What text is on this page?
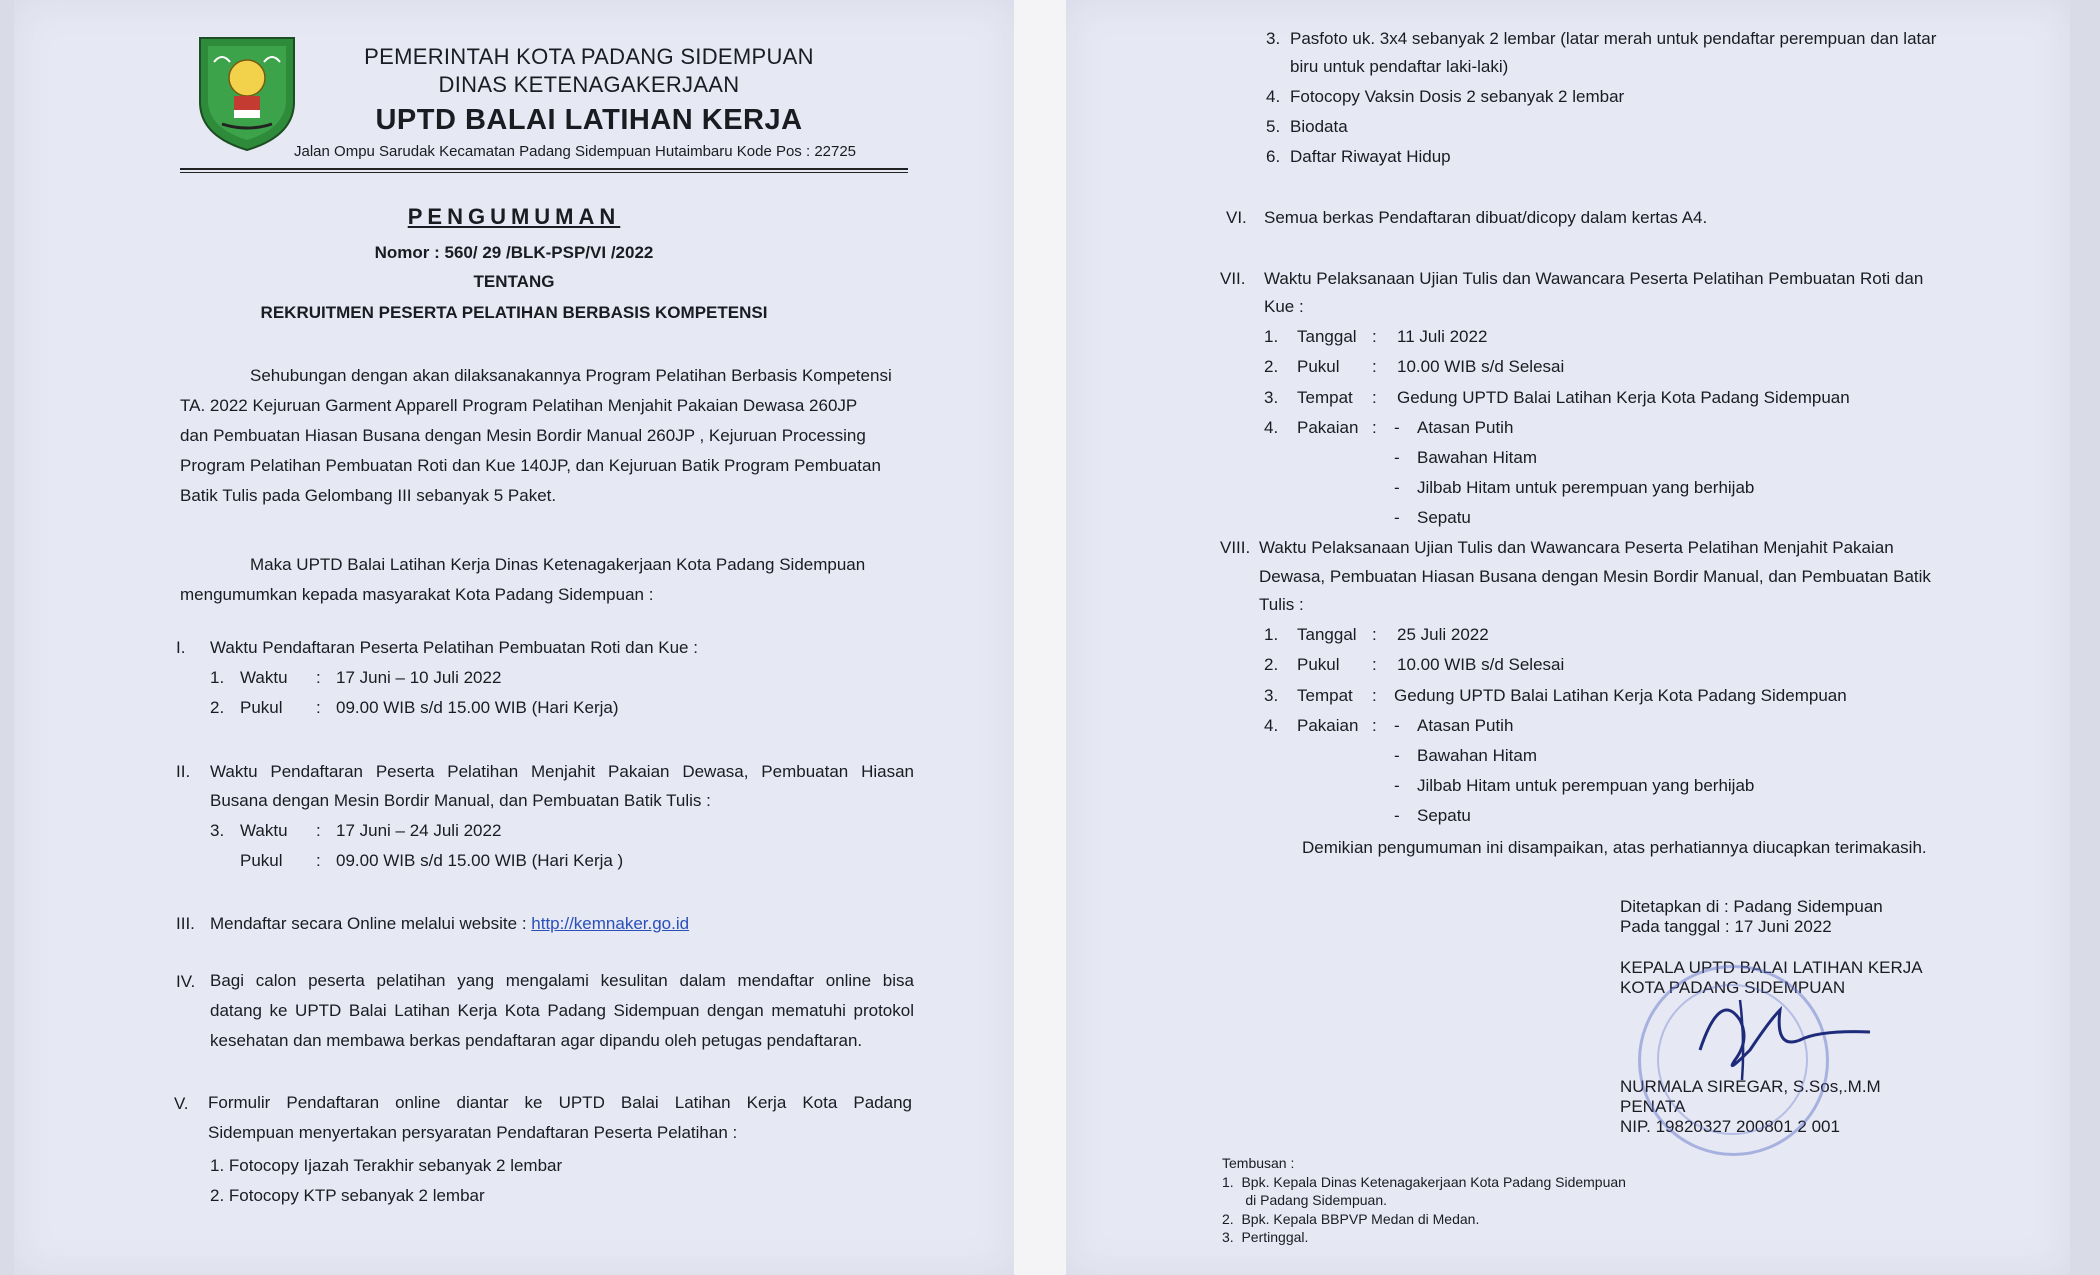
PEMERINTAH KOTA PADANG SIDEMPUAN
DINAS KETENAGAKERJAAN
UPTD BALAI LATIHAN KERJA
Jalan Ompu Sarudak Kecamatan Padang Sidempuan Hutaimbaru Kode Pos : 22725
PENGUMUMAN
Nomor : 560/ 29 /BLK-PSP/VI /2022
TENTANG
REKRUITMEN PESERTA PELATIHAN BERBASIS KOMPETENSI
Sehubungan dengan akan dilaksanakannya Program Pelatihan Berbasis Kompetensi
TA. 2022 Kejuruan Garment Apparell Program Pelatihan Menjahit Pakaian Dewasa 260JP
dan Pembuatan Hiasan Busana dengan Mesin Bordir Manual 260JP , Kejuruan Processing
Program Pelatihan Pembuatan Roti dan Kue 140JP, dan Kejuruan Batik Program Pembuatan
Batik Tulis pada Gelombang III sebanyak 5 Paket.
Maka UPTD Balai Latihan Kerja Dinas Ketenagakerjaan Kota Padang Sidempuan
mengumumkan kepada masyarakat Kota Padang Sidempuan :
I. Waktu Pendaftaran Peserta Pelatihan Pembuatan Roti dan Kue :
1. Waktu : 17 Juni – 10 Juli 2022
2. Pukul : 09.00 WIB s/d 15.00 WIB (Hari Kerja)
II. Waktu Pendaftaran Peserta Pelatihan Menjahit Pakaian Dewasa, Pembuatan Hiasan
Busana dengan Mesin Bordir Manual, dan Pembuatan Batik Tulis :
3. Waktu : 17 Juni – 24 Juli 2022
Pukul : 09.00 WIB s/d 15.00 WIB (Hari Kerja )
III. Mendaftar secara Online melalui website : http://kemnaker.go.id
IV. Bagi calon peserta pelatihan yang mengalami kesulitan dalam mendaftar online bisa
datang ke UPTD Balai Latihan Kerja Kota Padang Sidempuan dengan mematuhi protokol
kesehatan dan membawa berkas pendaftaran agar dipandu oleh petugas pendaftaran.
V. Formulir Pendaftaran online diantar ke UPTD Balai Latihan Kerja Kota Padang
Sidempuan menyertakan persyaratan Pendaftaran Peserta Pelatihan :
1. Fotocopy Ijazah Terakhir sebanyak 2 lembar
2. Fotocopy KTP sebanyak 2 lembar
3. Pasfoto uk. 3x4 sebanyak 2 lembar (latar merah untuk pendaftar perempuan dan latar
biru untuk pendaftar laki-laki)
4. Fotocopy Vaksin Dosis 2 sebanyak 2 lembar
5. Biodata
6. Daftar Riwayat Hidup
VI. Semua berkas Pendaftaran dibuat/dicopy dalam kertas A4.
VII. Waktu Pelaksanaan Ujian Tulis dan Wawancara Peserta Pelatihan Pembuatan Roti dan
Kue :
1. Tanggal : 11 Juli 2022
2. Pukul : 10.00 WIB s/d Selesai
3. Tempat : Gedung UPTD Balai Latihan Kerja Kota Padang Sidempuan
4. Pakaian : - Atasan Putih
- Bawahan Hitam
- Jilbab Hitam untuk perempuan yang berhijab
- Sepatu
VIII. Waktu Pelaksanaan Ujian Tulis dan Wawancara Peserta Pelatihan Menjahit Pakaian
Dewasa, Pembuatan Hiasan Busana dengan Mesin Bordir Manual, dan Pembuatan Batik
Tulis :
1. Tanggal : 25 Juli 2022
2. Pukul : 10.00 WIB s/d Selesai
3. Tempat : Gedung UPTD Balai Latihan Kerja Kota Padang Sidempuan
4. Pakaian : - Atasan Putih
- Bawahan Hitam
- Jilbab Hitam untuk perempuan yang berhijab
- Sepatu
Demikian pengumuman ini disampaikan, atas perhatiannya diucapkan terimakasih.
Ditetapkan di : Padang Sidempuan
Pada tanggal : 17 Juni 2022
KEPALA UPTD BALAI LATIHAN KERJA
KOTA PADANG SIDEMPUAN
NURMALA SIREGAR, S.Sos,.M.M
PENATA
NIP. 19820327 200801 2 001
Tembusan :
1.  Bpk. Kepala Dinas Ketenagakerjaan Kota Padang Sidempuan
di Padang Sidempuan.
2.  Bpk. Kepala BBPVP Medan di Medan.
3.  Pertinggal.
